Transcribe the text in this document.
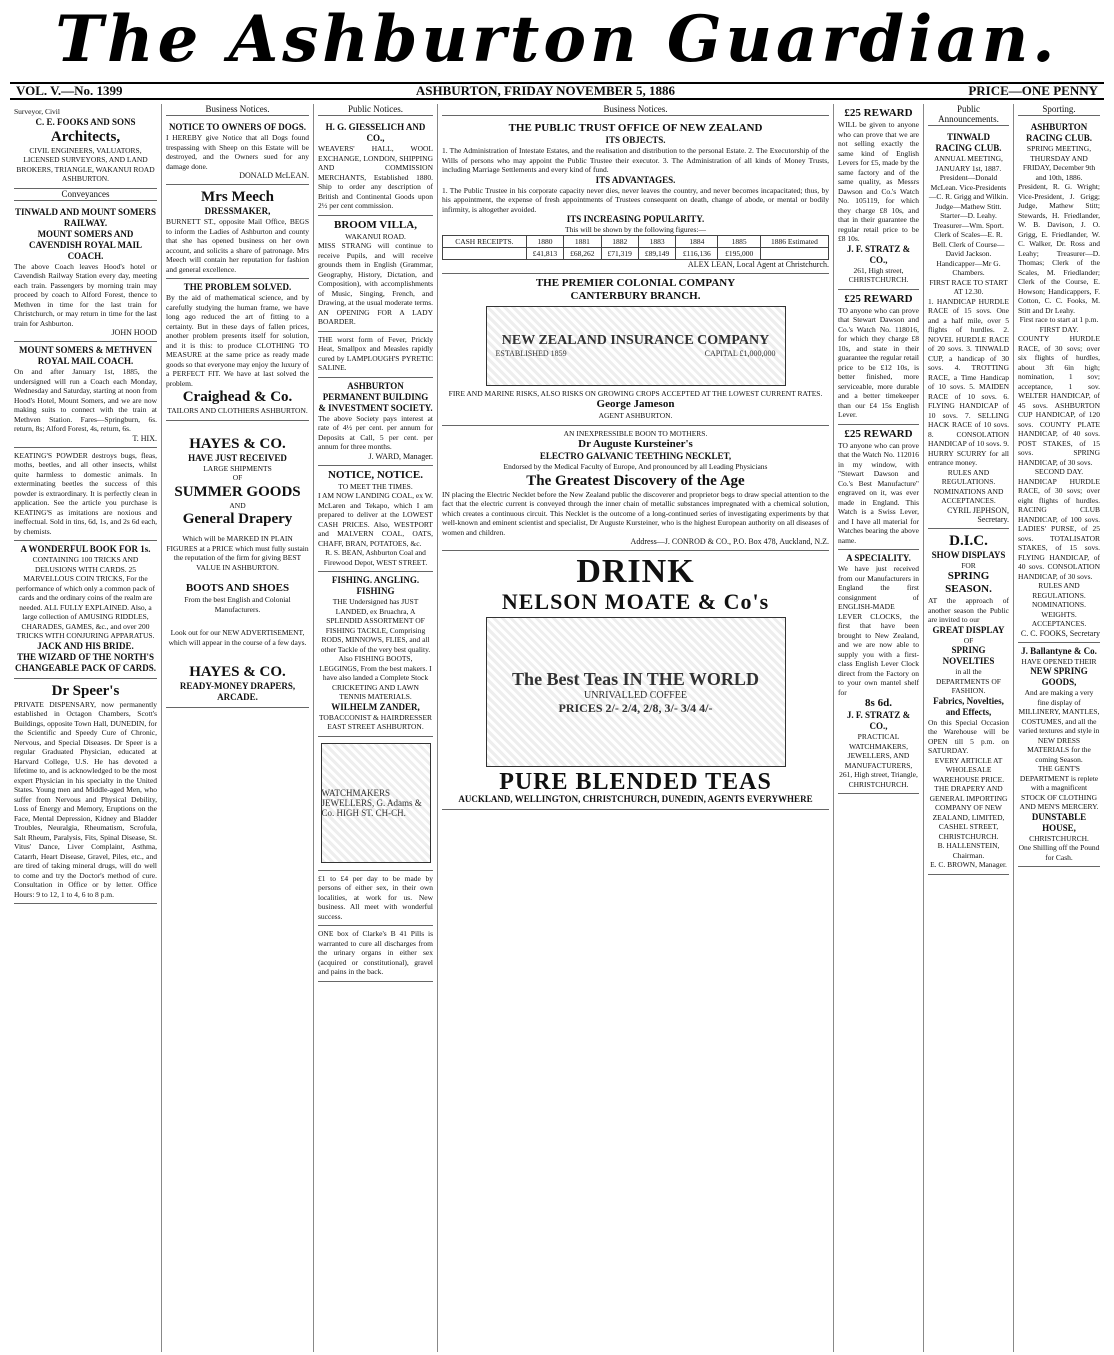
The Ashburton Guardian.
VOL. V.—No. 1399	ASHBURTON, FRIDAY NOVEMBER 5, 1886	PRICE—ONE PENNY
Surveyor, Civil
C. E. FOOKS AND SONS
Architects,
CIVIL ENGINEERS, VALUATORS, LICENSED SURVEYORS, AND LAND BROKERS, TRIANGLE, WAKANUI ROAD ASHBURTON.
Conveyances
TINWALD AND MOUNT SOMERS RAILWAY.
MOUNT SOMERS AND CAVENDISH ROYAL MAIL COACH.
The above Coach leaves Hood's hotel or Cavendish Railway Station every day, meeting each train. Passengers by morning train may proceed by coach to Alford Forest, thence to Methven in time for the last train for Christchurch, or may return in time for the last train for Ashburton.
JOHN HOOD
MOUNT SOMERS & METHVEN ROYAL MAIL COACH.
On and after January 1st, 1885, the undersigned will run a Coach each Monday, Wednesday and Saturday, starting at noon from Hood's Hotel, Mount Somers, and we are now making suits to connect with the train at Methven Station. Fares—Springburn, 6s. return, 8s; Alford Forest, 4s, return, 6s.
T. HIX.
KEATING'S POWDER destroys bugs, fleas, moths, beetles, and all other insects, whilst quite harmless to domestic animals. In exterminating beetles the success of this powder is extraordinary. It is perfectly clean in application. See the article you purchase is KEATING'S as imitations are noxious and ineffectual. Sold in tins, 6d, 1s, and 2s 6d each, by chemists.
A WONDERFUL BOOK FOR 1s.
CONTAINING 100 TRICKS AND DELUSIONS WITH CARDS. 25 MARVELLOUS COIN TRICKS, For the performance of which only a common pack of cards and the ordinary coins of the realm are needed. ALL FULLY EXPLAINED. Also, a large collection of AMUSING RIDDLES, CHARADES, GAMES, &c., and over 200 TRICKS WITH CONJURING APPARATUS.
JACK AND HIS BRIDE.
THE WIZARD OF THE NORTH'S CHANGEABLE PACK OF CARDS.
Dr Speer's
PRIVATE DISPENSARY, now permanently established in Octagon Chambers, Scott's Buildings, opposite Town Hall, DUNEDIN, for the Scientific and Speedy Cure of Chronic, Nervous, and Special Diseases. Dr Speer is a regular Graduated Physician, educated at Harvard College, U.S. He has devoted a lifetime to, and is acknowledged to be the most expert Physician in his specialty in the United States. Young men and Middle-aged Men, who suffer from Nervous and Physical Debility, Loss of Energy and Memory, Eruptions on the Face, Mental Depression, Kidney and Bladder Troubles, Neuralgia, Rheumatism, Scrofula, Salt Rheum, Paralysis, Fits, Spinal Disease, St. Vitus' Dance, Liver Complaint, Asthma, Catarrh, Heart Disease, Gravel, Piles, etc., and are tired of taking mineral drugs, will do well to come and try the Doctor's method of cure. Consultation in Office or by letter. Office Hours: 9 to 12, 1 to 4, 6 to 8 p.m.
Business Notices.
NOTICE TO OWNERS OF DOGS.
I HEREBY give Notice that all Dogs found trespassing with Sheep on this Estate will be destroyed, and the Owners sued for any damage done.
DONALD McLEAN.
Mrs Meech
DRESSMAKER,
BURNETT ST., opposite Mail Office, BEGS to inform the Ladies of Ashburton and county that she has opened business on her own account, and solicits a share of patronage. Mrs Meech will contain her reputation for fashion and general excellence.
THE PROBLEM SOLVED.
By the aid of mathematical science, and by carefully studying the human frame, we have long ago reduced the art of fitting to a certainty. But in these days of fallen prices, another problem presents itself for solution, and it is this: to produce CLOTHING TO MEASURE at the same price as ready made goods so that everyone may enjoy the luxury of a PERFECT FIT. We have at last solved the problem.
Craighead & Co.
TAILORS AND CLOTHIERS ASHBURTON.
HAYES & CO.
HAVE JUST RECEIVED
LARGE SHIPMENTS
OF
SUMMER GOODS
AND
General Drapery
Which will be MARKED IN PLAIN FIGURES at a PRICE which must fully sustain the reputation of the firm for giving BEST VALUE IN ASHBURTON.
BOOTS AND SHOES
From the best English and Colonial Manufacturers.
Look out for our NEW ADVERTISEMENT, which will appear in the course of a few days.
HAYES & CO.
READY-MONEY DRAPERS, ARCADE.
Public Notices.
H. G. GIESSELICH AND CO.,
WEAVERS' HALL, WOOL EXCHANGE, LONDON, SHIPPING AND COMMISSION MERCHANTS, Established 1880. Ship to order any description of British and Continental Goods upon 2½ per cent commission.
BROOM VILLA,
WAKANUI ROAD.
MISS STRANG will continue to receive Pupils, and will receive grounds them in English (Grammar, Geography, History, Dictation, and Composition), with accomplishments of Music, Singing, French, and Drawing, at the usual moderate terms. AN OPENING FOR A LADY BOARDER.
THE worst form of Fever, Prickly Heat, Smallpox and Measles rapidly cured by LAMPLOUGH'S PYRETIC SALINE.
ASHBURTON PERMANENT BUILDING & INVESTMENT SOCIETY.
The above Society pays interest at rate of 4½ per cent. per annum for Deposits at Call, 5 per cent. per annum for three months.
J. WARD, Manager.
NOTICE, NOTICE.
TO MEET THE TIMES.
I AM NOW LANDING COAL, ex W. McLaren and Tekapo, which I am prepared to deliver at the LOWEST CASH PRICES. Also, WESTPORT and MALVERN COAL, OATS, CHAFF, BRAN, POTATOES, &c.
R. S. BEAN, Ashburton Coal and Firewood Depot, WEST STREET.
FISHING. ANGLING. FISHING
THE Undersigned has JUST LANDED, ex Bruachra, A SPLENDID ASSORTMENT OF FISHING TACKLE, Comprising RODS, MINNOWS, FLIES, and all other Tackle of the very best quality. Also FISHING BOOTS, LEGGINGS, From the best makers. I have also landed a Complete Stock CRICKETING AND LAWN TENNIS MATERIALS.
WILHELM ZANDER,
TOBACCONIST & HAIRDRESSER EAST STREET ASHBURTON.
WATCHMAKERS JEWELLERS, G. Adams & Co. HIGH ST. CH-CH.
£1 to £4 per day to be made by persons of either sex, in their own localities, at work for us. New business. All meet with wonderful success.
ONE box of Clarke's B 41 Pills is warranted to cure all discharges from the urinary organs in either sex (acquired or constitutional), gravel and pains in the back.
Business Notices.
THE PUBLIC TRUST OFFICE OF NEW ZEALAND
ITS OBJECTS.
1. The Administration of Intestate Estates, and the realisation and distribution to the personal Estate. 2. The Executorship of the Wills of persons who may appoint the Public Trustee their executor. 3. The Administration of all kinds of Money Trusts, including Marriage Settlements and every kind of fund.
ITS ADVANTAGES.
1. The Public Trustee in his corporate capacity never dies, never leaves the country, and never becomes incapacitated; thus, by his appointment, the expense of fresh appointments of Trustees consequent on death, change of abode, or mental or bodily infirmity, is altogether avoided.
ITS INCREASING POPULARITY.
This will be shown by the following figures:—
CASH RECEIPTS.	1880	1881	1882	1883	1884	1885	1886 Estimated
	£41,813	£68,262	£71,319	£89,149	£116,136	£195,000	
ALEX LEAN, Local Agent at Christchurch.
THE PREMIER COLONIAL COMPANY
CANTERBURY BRANCH.
NEW ZEALAND INSURANCE COMPANY
ESTABLISHED 1859	CAPITAL £1,000,000
FIRE AND MARINE RISKS, ALSO RISKS ON GROWING CROPS ACCEPTED AT THE LOWEST CURRENT RATES.
George Jameson
AGENT ASHBURTON.
AN INEXPRESSIBLE BOON TO MOTHERS.
Dr Auguste Kursteiner's
ELECTRO GALVANIC TEETHING NECKLET,
Endorsed by the Medical Faculty of Europe, And pronounced by all Leading Physicians
The Greatest Discovery of the Age
IN placing the Electric Necklet before the New Zealand public the discoverer and proprietor begs to draw special attention to the fact that the electric current is conveyed through the inner chain of metallic substances impregnated with a chemical solution, which creates a continuous circuit. This Necklet is the outcome of a long-continued series of investigating experiments by that well-known and eminent scientist and specialist, Dr Auguste Kursteiner, who is the highest European authority on all diseases of women and children.
Address—J. CONROD & CO., P.O. Box 478, Auckland, N.Z.
DRINK
NELSON MOATE & Co's
The Best Teas IN THE WORLD
UNRIVALLED COFFEE
PRICES 2/- 2/4, 2/8, 3/- 3/4 4/-
PURE BLENDED TEAS
AUCKLAND, WELLINGTON, CHRISTCHURCH, DUNEDIN, AGENTS EVERYWHERE
£25 REWARD
WILL be given to anyone who can prove that we are not selling exactly the same kind of English Levers for £5, made by the same factory and of the same quality, as Messrs Dawson and Co.'s Watch No. 105119, for which they charge £8 10s, and that in their guarantee the regular retail price to be £8 10s.
J. F. STRATZ & CO.,
261, High street, CHRISTCHURCH.
£25 REWARD
TO anyone who can prove that Stewart Dawson and Co.'s Watch No. 118016, for which they charge £8 10s, and state in their guarantee the regular retail price to be £12 10s, is better finished, more serviceable, more durable and a better timekeeper than our £4 15s English Lever.
£25 REWARD
TO anyone who can prove that the Watch No. 112016 in my window, with "Stewart Dawson and Co.'s Best Manufacture" engraved on it, was ever made in England. This Watch is a Swiss Lever, and I have all material for Watches bearing the above name.
A SPECIALITY.
We have just received from our Manufacturers in England the first consignment of ENGLISH-MADE LEVER CLOCKS, the first that have been brought to New Zealand, and we are now able to supply you with a first-class English Lever Clock direct from the Factory on to your own mantel shelf for
8s 6d.
J. F. STRATZ & CO.,
PRACTICAL WATCHMAKERS, JEWELLERS, AND MANUFACTURERS, 261, High street, Triangle, CHRISTCHURCH.
Public Announcements.
TINWALD RACING CLUB.
ANNUAL MEETING, JANUARY 1st, 1887.
President—Donald McLean. Vice-Presidents—C. R. Grigg and Wilkin. Judge—Mathew Stitt. Starter—D. Leahy. Treasurer—Wm. Sport. Clerk of Scales—E. R. Bell. Clerk of Course—David Jackson. Handicapper—Mr G. Chambers.
FIRST RACE TO START AT 12.30.
1. HANDICAP HURDLE RACE of 15 sovs. One and a half mile, over 5 flights of hurdles. 2. NOVEL HURDLE RACE of 20 sovs. 3. TINWALD CUP, a handicap of 30 sovs. 4. TROTTING RACE, a Time Handicap of 10 sovs. 5. MAIDEN RACE of 10 sovs. 6. FLYING HANDICAP of 10 sovs. 7. SELLING HACK RACE of 10 sovs. 8. CONSOLATION HANDICAP of 10 sovs. 9. HURRY SCURRY for all entrance money.
RULES AND REGULATIONS.
NOMINATIONS AND ACCEPTANCES.
CYRIL JEPHSON, Secretary.
D.I.C.
SHOW DISPLAYS
FOR
SPRING SEASON.
AT the approach of another season the Public are invited to our
GREAT DISPLAY
OF
SPRING NOVELTIES
in all the DEPARTMENTS OF FASHION.
Fabrics, Novelties, and Effects,
On this Special Occasion the Warehouse will be OPEN till 5 p.m. on SATURDAY.
EVERY ARTICLE AT WHOLESALE WAREHOUSE PRICE.
THE DRAPERY AND GENERAL IMPORTING COMPANY OF NEW ZEALAND, LIMITED, CASHEL STREET, CHRISTCHURCH.
B. HALLENSTEIN, Chairman.
E. C. BROWN, Manager.
Sporting.
ASHBURTON RACING CLUB.
SPRING MEETING,
THURSDAY AND FRIDAY, December 9th and 10th, 1886.
President, R. G. Wright; Vice-President, J. Grigg; Judge, Mathew Stitt; Stewards, H. Friedlander, W. B. Davison, J. O. Grigg, E. Friedlander, W. C. Walker, Dr. Ross and Leahy; Treasurer—D. Thomas; Clerk of the Scales, M. Friedlander; Clerk of the Course, E. Howson; Handicappers, F. Cotton, C. C. Fooks, M. Stitt and Dr Leahy.
First race to start at 1 p.m.
FIRST DAY.
COUNTY HURDLE RACE, of 30 sovs; over six flights of hurdles, about 3ft 6in high; nomination, 1 sov; acceptance, 1 sov. WELTER HANDICAP, of 45 sovs. ASHBURTON CUP HANDICAP, of 120 sovs. COUNTY PLATE HANDICAP, of 40 sovs. POST STAKES, of 15 sovs. SPRING HANDICAP, of 30 sovs.
SECOND DAY.
HANDICAP HURDLE RACE, of 30 sovs; over eight flights of hurdles. RACING CLUB HANDICAP, of 100 sovs. LADIES' PURSE, of 25 sovs. TOTALISATOR STAKES, of 15 sovs. FLYING HANDICAP, of 40 sovs. CONSOLATION HANDICAP, of 30 sovs.
RULES AND REGULATIONS.
NOMINATIONS.
WEIGHTS.
ACCEPTANCES.
C. C. FOOKS, Secretary
J. Ballantyne & Co.
HAVE OPENED THEIR
NEW SPRING GOODS,
And are making a very fine display of MILLINERY, MANTLES, COSTUMES, and all the varied textures and style in NEW DRESS MATERIALS for the coming Season.
THE GENT'S DEPARTMENT is replete with a magnificent STOCK OF CLOTHING AND MEN'S MERCERY.
DUNSTABLE HOUSE,
CHRISTCHURCH.
One Shilling off the Pound for Cash.
